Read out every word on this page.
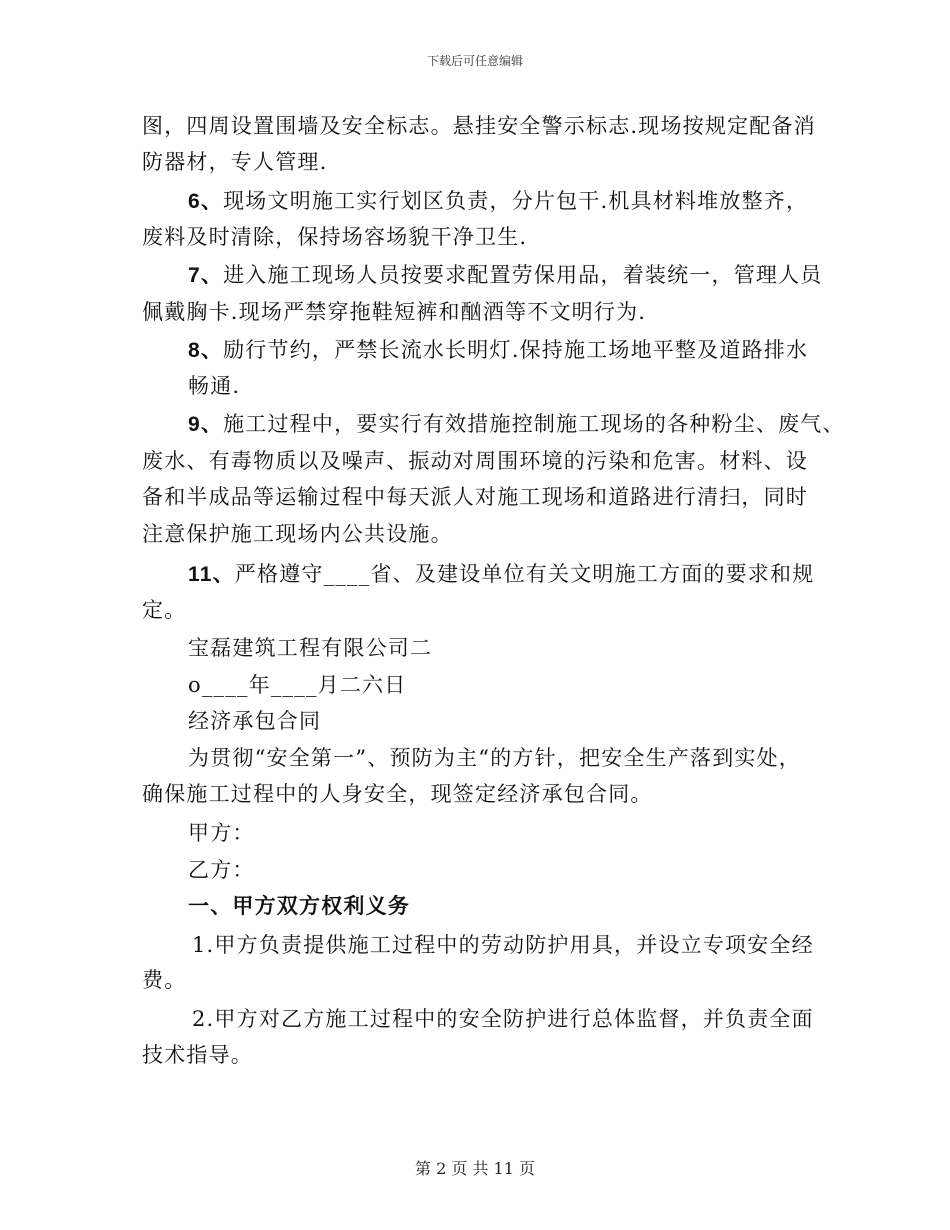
下载后可任意编辑
图，四周设置围墙及安全标志。悬挂安全警示标志.现场按规定配备消
防器材，专人管理.
6、现场文明施工实行划区负责，分片包干.机具材料堆放整齐，
废料及时清除，保持场容场貌干净卫生.
7、进入施工现场人员按要求配置劳保用品，着装统一，管理人员
佩戴胸卡.现场严禁穿拖鞋短裤和酗酒等不文明行为.
8、励行节约，严禁长流水长明灯.保持施工场地平整及道路排水
畅通.
9、施工过程中，要实行有效措施控制施工现场的各种粉尘、废气、
废水、有毒物质以及噪声、振动对周围环境的污染和危害。材料、设
备和半成品等运输过程中每天派人对施工现场和道路进行清扫，同时
注意保护施工现场内公共设施。
11、严格遵守____省、及建设单位有关文明施工方面的要求和规
定。
宝磊建筑工程有限公司二
o____年____月二六日
经济承包合同
为贯彻“安全第一”、预防为主“的方针，把安全生产落到实处，
确保施工过程中的人身安全，现签定经济承包合同。
甲方：
乙方：
一、甲方双方权利义务
1.甲方负责提供施工过程中的劳动防护用具，并设立专项安全经
费。
2.甲方对乙方施工过程中的安全防护进行总体监督，并负责全面
技术指导。
第 2 页 共 11 页
